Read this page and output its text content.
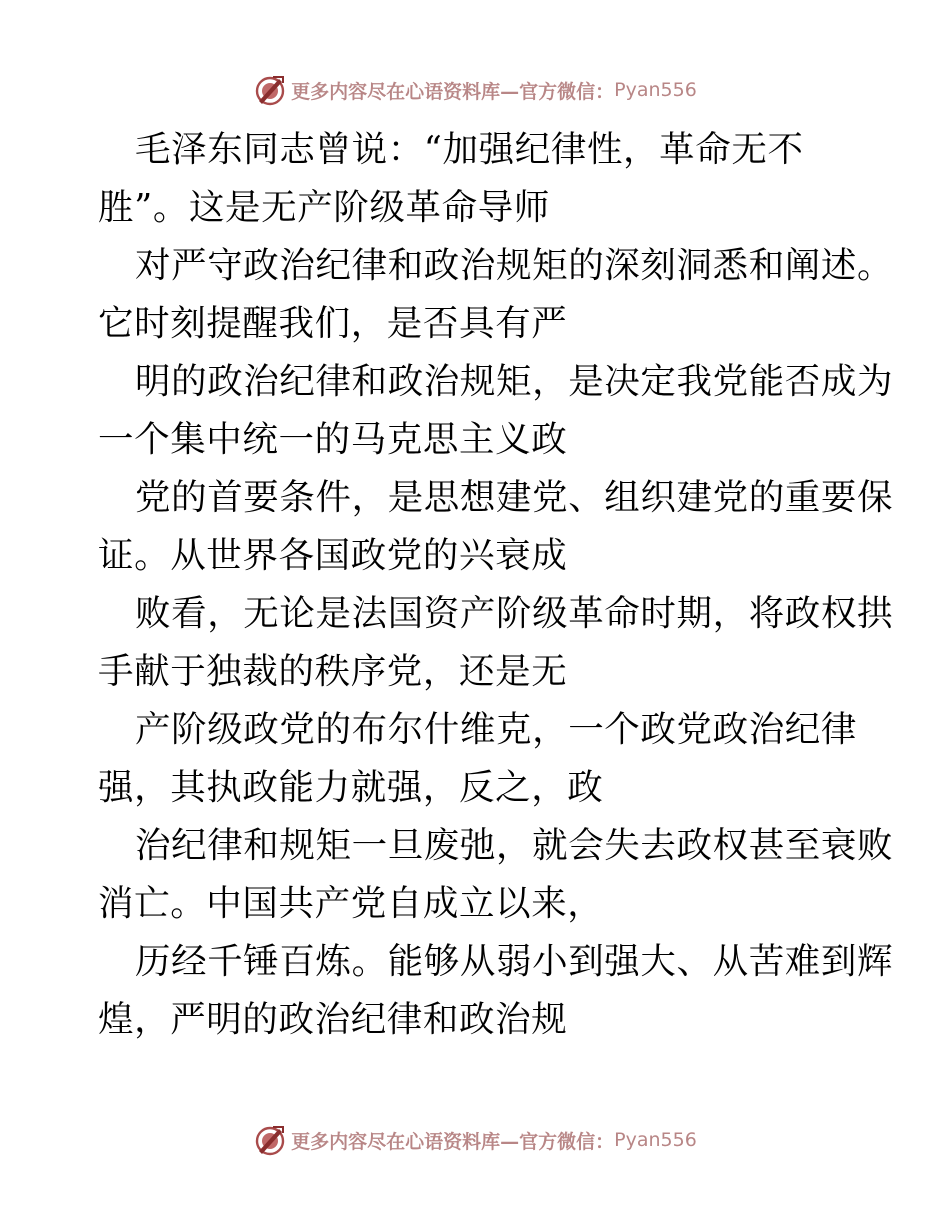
更多内容尽在心语资料库—官方微信： Pyan556
毛泽东同志曾说：“加强纪律性，革命无不
胜”。这是无产阶级革命导师
对严守政治纪律和政治规矩的深刻洞悉和阐述。
它时刻提醒我们，是否具有严
明的政治纪律和政治规矩，是决定我党能否成为
一个集中统一的马克思主义政
党的首要条件，是思想建党、组织建党的重要保
证。从世界各国政党的兴衰成
败看，无论是法国资产阶级革命时期，将政权拱
手献于独裁的秩序党，还是无
产阶级政党的布尔什维克，一个政党政治纪律
强，其执政能力就强，反之，政
治纪律和规矩一旦废弛，就会失去政权甚至衰败
消亡。中国共产党自成立以来，
历经千锤百炼。能够从弱小到强大、从苦难到辉
煌，严明的政治纪律和政治规
更多内容尽在心语资料库—官方微信： Pyan556
